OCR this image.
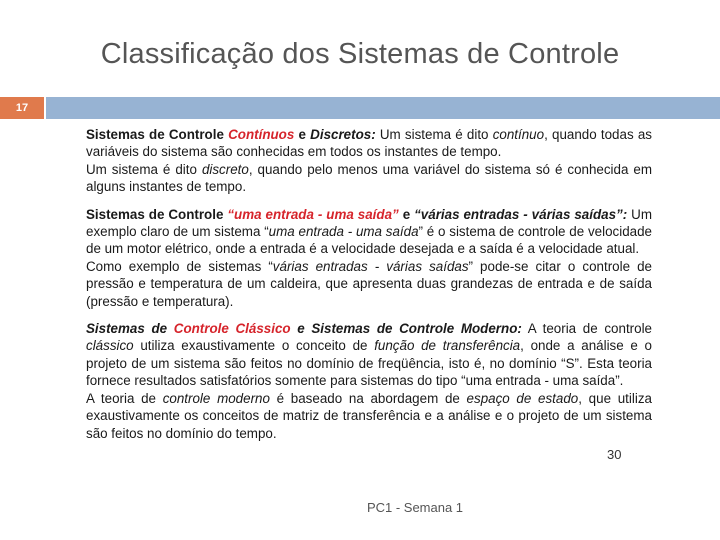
Classificação dos Sistemas de Controle
17

Sistemas de Controle Contínuos e Discretos: Um sistema é dito contínuo, quando todas as variáveis do sistema são conhecidas em todos os instantes de tempo.
Um sistema é dito discreto, quando pelo menos uma variável do sistema só é conhecida em alguns instantes de tempo.

Sistemas de Controle “uma entrada - uma saída” e “várias entradas - várias saídas”: Um exemplo claro de um sistema “uma entrada - uma saída” é o sistema de controle de velocidade de um motor elétrico, onde a entrada é a velocidade desejada e a saída é a velocidade atual.
Como exemplo de sistemas “várias entradas - várias saídas” pode-se citar o controle de pressão e temperatura de um caldeira, que apresenta duas grandezas de entrada e de saída (pressão e temperatura).

Sistemas de Controle Clássico e Sistemas de Controle Moderno: A teoria de controle clássico utiliza exaustivamente o conceito de função de transferência, onde a análise e o projeto de um sistema são feitos no domínio de freqüência, isto é, no domínio “S”. Esta teoria fornece resultados satisfatórios somente para sistemas do tipo “uma entrada - uma saída”.
A teoria de controle moderno é baseado na abordagem de espaço de estado, que utiliza exaustivamente os conceitos de matriz de transferência e a análise e o projeto de um sistema são feitos no domínio do tempo.

30
PC1 - Semana 1
